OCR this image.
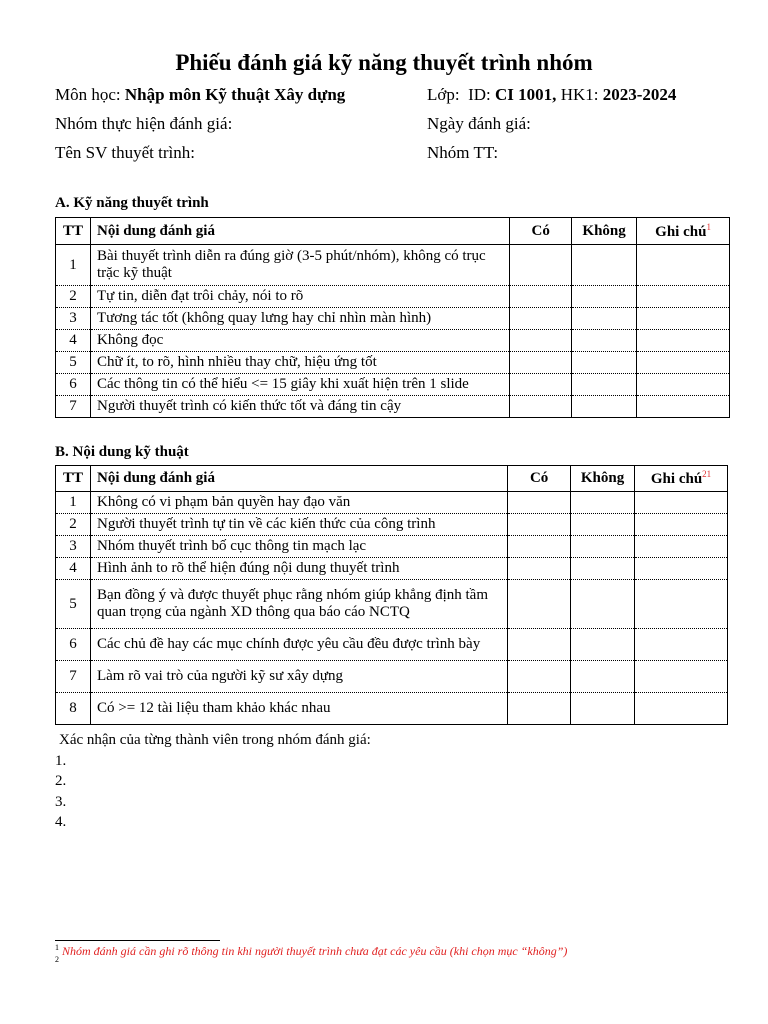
Phiếu đánh giá kỹ năng thuyết trình nhóm
Môn học: Nhập môn Kỹ thuật Xây dựng	Lớp: ID: CI 1001, HK1: 2023-2024
Nhóm thực hiện đánh giá:	Ngày đánh giá:
Tên SV thuyết trình:	Nhóm TT:
A. Kỹ năng thuyết trình
TT	Nội dung đánh giá	Có	Không	Ghi chú$^1$
1	Bài thuyết trình diễn ra đúng giờ (3-5 phút/nhóm), không có trục trặc kỹ thuật			
2	Tự tin, diễn đạt trôi chảy, nói to rõ			
3	Tương tác tốt (không quay lưng hay chỉ nhìn màn hình)			
4	Không đọc			
5	Chữ ít, to rõ, hình nhiều thay chữ, hiệu ứng tốt			
6	Các thông tin có thể hiểu <= 15 giây khi xuất hiện trên 1 slide			
7	Người thuyết trình có kiến thức tốt và đáng tin cậy			
B. Nội dung kỹ thuật
TT	Nội dung đánh giá	Có	Không	Ghi chú$^{21}$
1	Không có vi phạm bản quyền hay đạo văn			
2	Người thuyết trình tự tin về các kiến thức của công trình			
3	Nhóm thuyết trình bố cục thông tin mạch lạc			
4	Hình ảnh to rõ thể hiện đúng nội dung thuyết trình			
5	Bạn đồng ý và được thuyết phục rằng nhóm giúp khẳng định tầm quan trọng của ngành XD thông qua báo cáo NCTQ			
6	Các chủ đề hay các mục chính được yêu cầu đều được trình bày			
7	Làm rõ vai trò của người kỹ sư xây dựng			
8	Có >= 12 tài liệu tham khảo khác nhau			
Xác nhận của từng thành viên trong nhóm đánh giá:
1.
2.
3.
4.
$^1$ Nhóm đánh giá cần ghi rõ thông tin khi người thuyết trình chưa đạt các yêu cầu (khi chọn mục “không”)
$^2$
